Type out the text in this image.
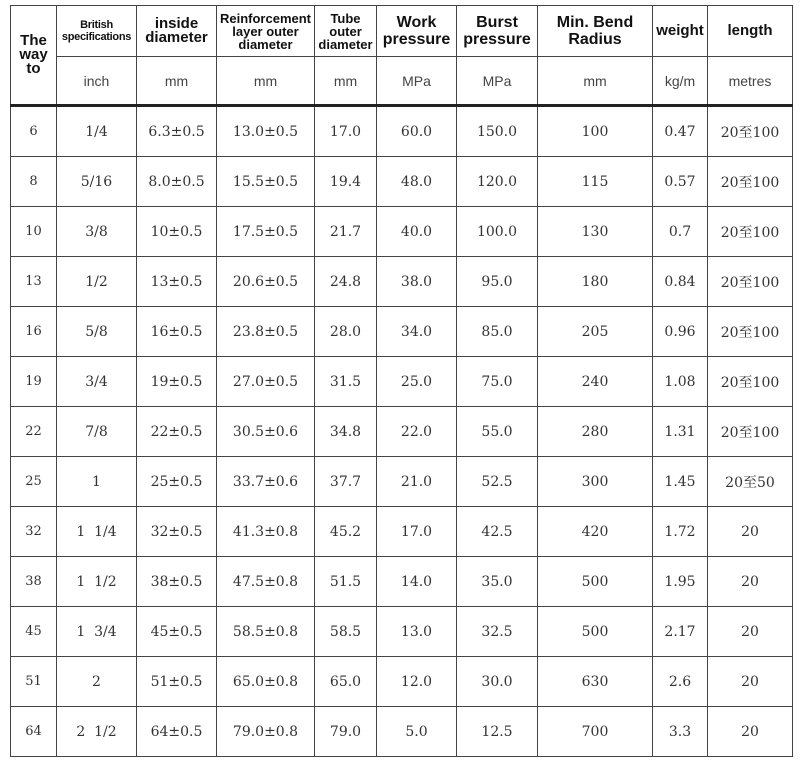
The way to	British specifications	inside diameter	Reinforcement layer outer diameter	Tube outer diameter	Work pressure	Burst pressure	Min. Bend Radius	weight	length
	inch	mm	mm	mm	MPa	MPa	mm	kg/m	metres
6	1/4	6.3±0.5	13.0±0.5	17.0	60.0	150.0	100	0.47	20至100
8	5/16	8.0±0.5	15.5±0.5	19.4	48.0	120.0	115	0.57	20至100
10	3/8	10±0.5	17.5±0.5	21.7	40.0	100.0	130	0.7	20至100
13	1/2	13±0.5	20.6±0.5	24.8	38.0	95.0	180	0.84	20至100
16	5/8	16±0.5	23.8±0.5	28.0	34.0	85.0	205	0.96	20至100
19	3/4	19±0.5	27.0±0.5	31.5	25.0	75.0	240	1.08	20至100
22	7/8	22±0.5	30.5±0.6	34.8	22.0	55.0	280	1.31	20至100
25	1	25±0.5	33.7±0.6	37.7	21.0	52.5	300	1.45	20至50
32	1  1/4	32±0.5	41.3±0.8	45.2	17.0	42.5	420	1.72	20
38	1  1/2	38±0.5	47.5±0.8	51.5	14.0	35.0	500	1.95	20
45	1  3/4	45±0.5	58.5±0.8	58.5	13.0	32.5	500	2.17	20
51	2	51±0.5	65.0±0.8	65.0	12.0	30.0	630	2.6	20
64	2  1/2	64±0.5	79.0±0.8	79.0	5.0	12.5	700	3.3	20
